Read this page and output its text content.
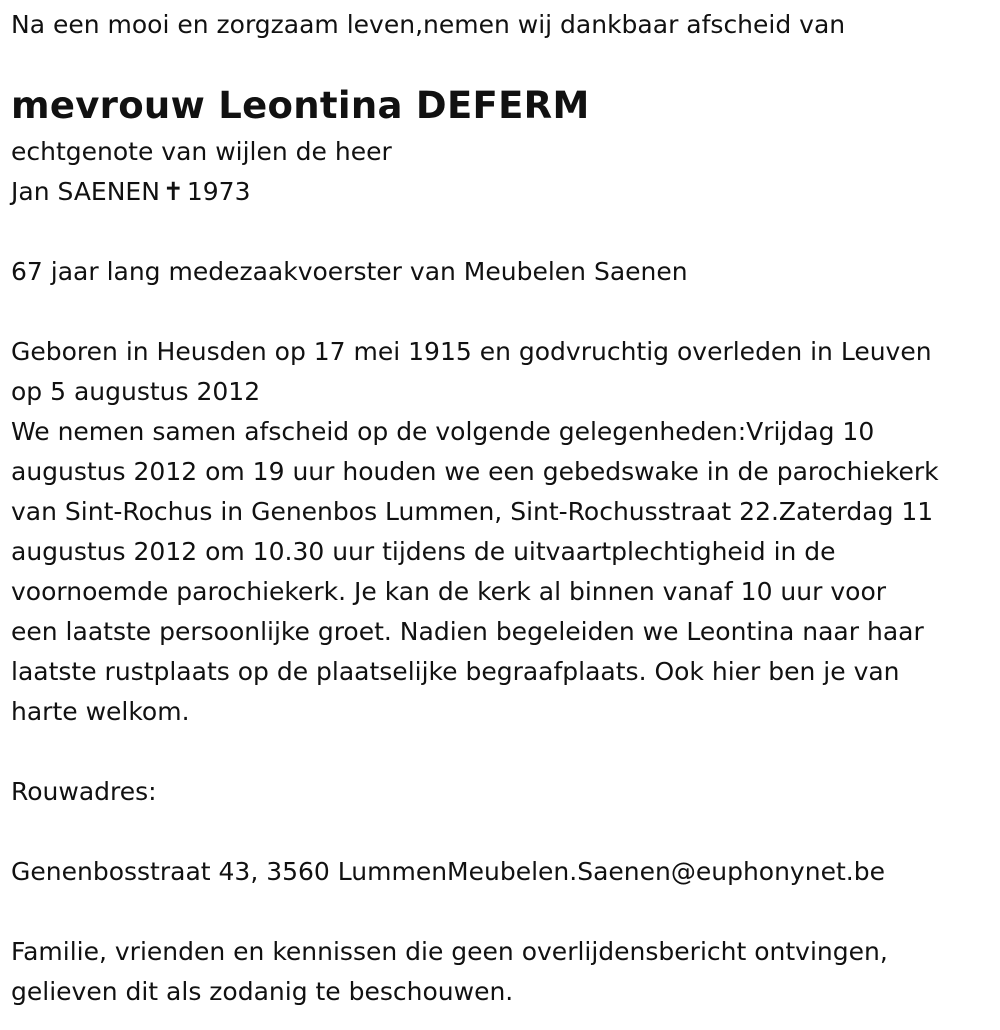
Na een mooi en zorgzaam leven,nemen wij dankbaar afscheid van
mevrouw Leontina DEFERM
echtgenote van wijlen de heer
Jan SAENEN ✝ 1973
67 jaar lang medezaakvoerster van Meubelen Saenen
Geboren in Heusden op 17 mei 1915 en godvruchtig overleden in Leuven
op 5 augustus 2012
We nemen samen afscheid op de volgende gelegenheden:Vrijdag 10
augustus 2012 om 19 uur houden we een gebedswake in de parochiekerk
van Sint-Rochus in Genenbos Lummen, Sint-Rochusstraat 22.Zaterdag 11
augustus 2012 om 10.30 uur tijdens de uitvaartplechtigheid in de
voornoemde parochiekerk. Je kan de kerk al binnen vanaf 10 uur voor
een laatste persoonlijke groet. Nadien begeleiden we Leontina naar haar
laatste rustplaats op de plaatselijke begraafplaats. Ook hier ben je van
harte welkom.
Rouwadres:
Genenbosstraat 43, 3560 LummenMeubelen.Saenen@euphonynet.be
Familie, vrienden en kennissen die geen overlijdensbericht ontvingen,
gelieven dit als zodanig te beschouwen.
